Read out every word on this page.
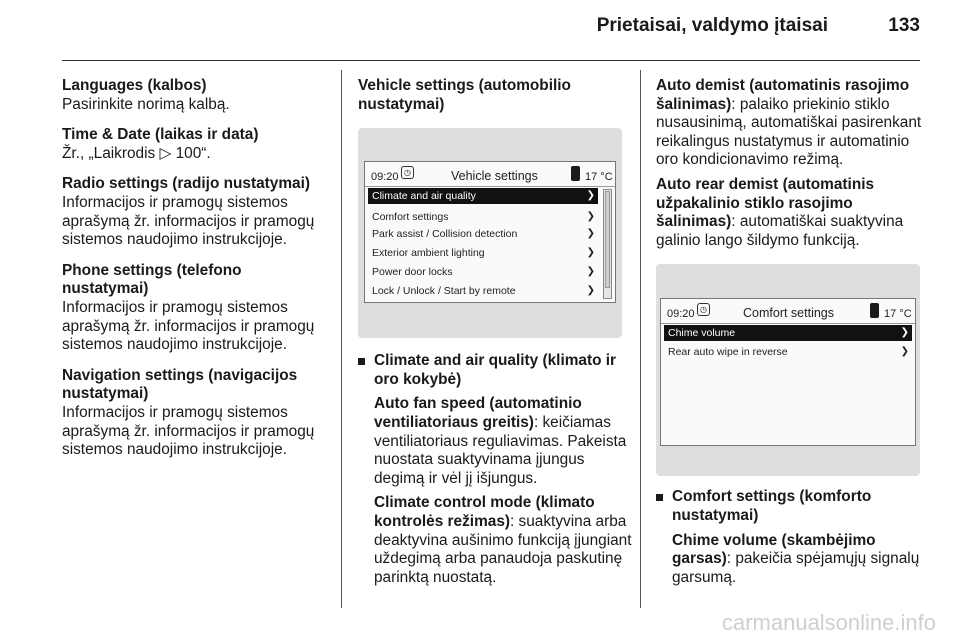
Prietaisai, valdymo įtaisai	133
Languages (kalbos)
Pasirinkite norimą kalbą.
Time & Date (laikas ir data)
Žr., „Laikrodis ▷ 100“.
Radio settings (radijo nustatymai)
Informacijos ir pramogų sistemos aprašymą žr. informacijos ir pramogų sistemos naudojimo instrukcijoje.
Phone settings (telefono nustatymai)
Informacijos ir pramogų sistemos aprašymą žr. informacijos ir pramogų sistemos naudojimo instrukcijoje.
Navigation settings (navigacijos nustatymai)
Informacijos ir pramogų sistemos aprašymą žr. informacijos ir pramogų sistemos naudojimo instrukcijoje.
Vehicle settings (automobilio nustatymai)
09:20 ◷	Vehicle settings	17 °C
Climate and air quality	❯
Comfort settings	❯
Park assist / Collision detection	❯
Exterior ambient lighting	❯
Power door locks	❯
Lock / Unlock / Start by remote	❯
Climate and air quality (klimato ir oro kokybė)
Auto fan speed (automatinio ventiliatoriaus greitis): keičiamas ventiliatoriaus reguliavimas. Pakeista nuostata suaktyvinama įjungus degimą ir vėl jį išjungus.
Climate control mode (klimato kontrolės režimas): suaktyvina arba deaktyvina aušinimo funkciją įjungiant uždegimą arba panaudoja paskutinę parinktą nuostatą.
Auto demist (automatinis rasojimo šalinimas): palaiko priekinio stiklo nusausinimą, automatiškai pasirenkant reikalingus nustatymus ir automatinio oro kondicionavimo režimą.
Auto rear demist (automatinis užpakalinio stiklo rasojimo šalinimas): automatiškai suaktyvina galinio lango šildymo funkciją.
09:20 ◷	Comfort settings	17 °C
Chime volume	❯
Rear auto wipe in reverse	❯
Comfort settings (komforto nustatymai)
Chime volume (skambėjimo garsas): pakeičia spėjamųjų signalų garsumą.
carmanualsonline.info
